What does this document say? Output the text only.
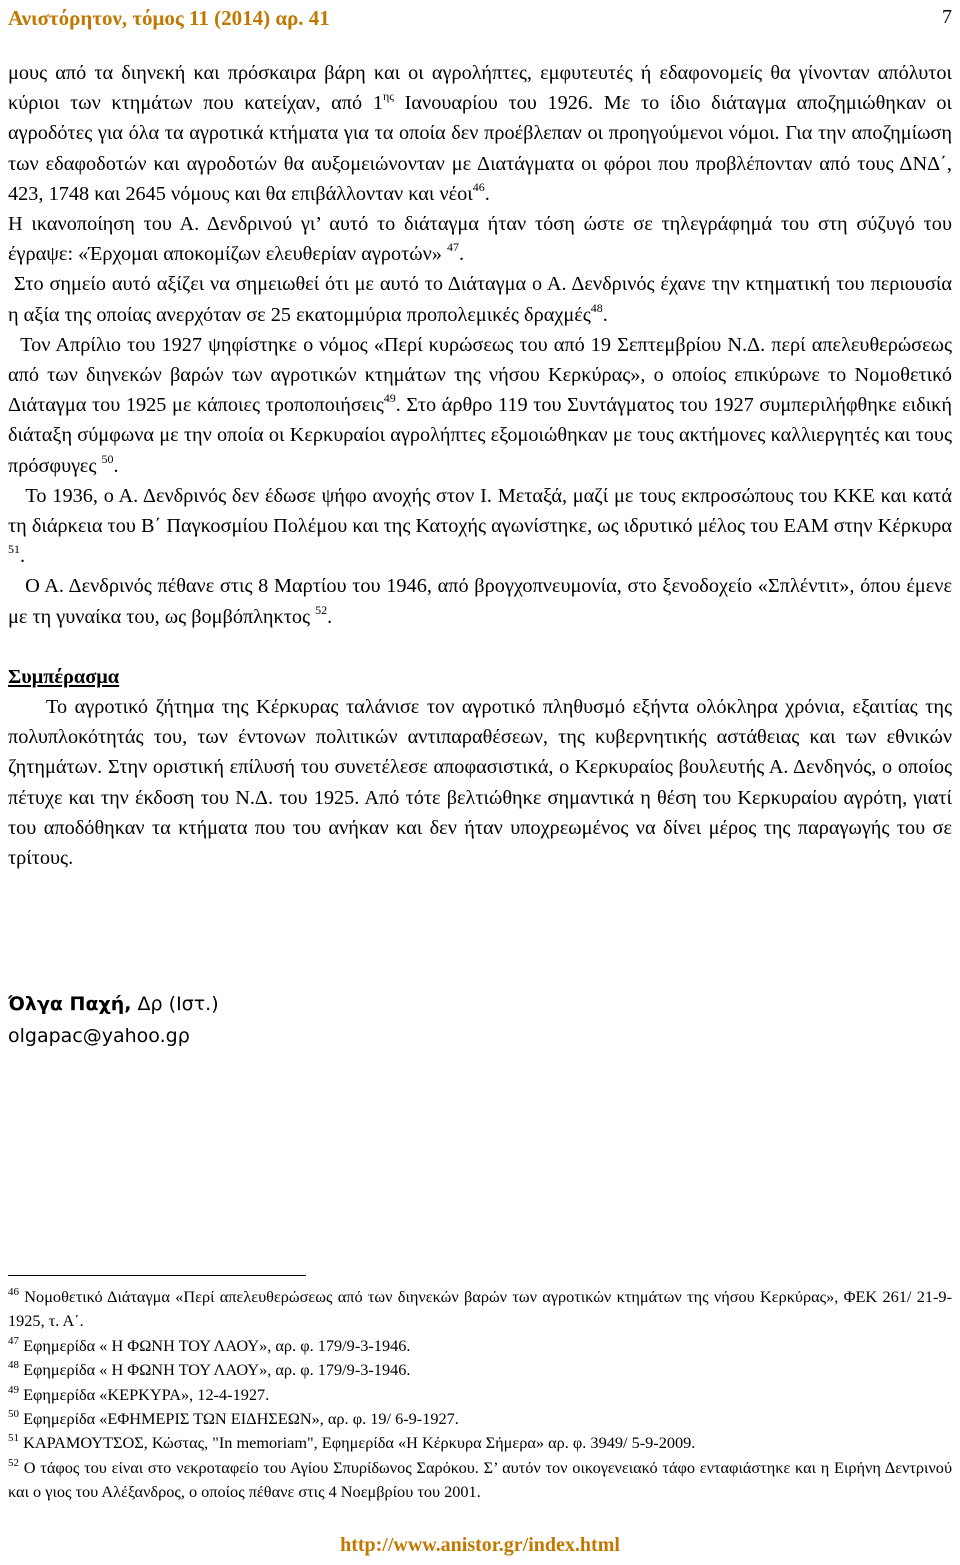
Ανιστόρητον, τόμος 11 (2014) αρ. 41	7

μους από τα διηνεκή και πρόσκαιρα βάρη και οι αγρολήπτες, εμφυτευτές ή εδαφονομείς θα γίνονταν απόλυτοι κύριοι των κτημάτων που κατείχαν, από $1^{\eta\varsigma}$ Ιανουαρίου του 1926. Με το ίδιο διάταγμα αποζημιώθηκαν οι αγροδότες για όλα τα αγροτικά κτήματα για τα οποία δεν προέβλεπαν οι προηγούμενοι νόμοι. Για την αποζημίωση των εδαφοδοτών και αγροδοτών θα αυξομειώνονταν με Διατάγματα οι φόροι που προβλέπονταν από τους ΔΝΔ΄, 423, 1748 και 2645 νόμους και θα επιβάλλονταν και νέοι$^{46}$.

Η ικανοποίηση του Α. Δενδρινού γι’ αυτό το διάταγμα ήταν τόση ώστε σε τηλεγράφημά του στη σύζυγό του έγραψε: «Έρχομαι αποκομίζων ελευθερίαν αγροτών» $^{47}$.

Στο σημείο αυτό αξίζει να σημειωθεί ότι με αυτό το Διάταγμα ο Α. Δενδρινός έχανε την κτηματική του περιουσία η αξία της οποίας ανερχόταν σε 25 εκατομμύρια προπολεμικές δραχμές$^{48}$.

Τον Απρίλιο του 1927 ψηφίστηκε ο νόμος «Περί κυρώσεως του από 19 Σεπτεμβρίου Ν.Δ. περί απελευθερώσεως από των διηνεκών βαρών των αγροτικών κτημάτων της νήσου Κερκύρας», ο οποίος επικύρωνε το Νομοθετικό Διάταγμα του 1925 με κάποιες τροποποιήσεις$^{49}$. Στο άρθρο 119 του Συντάγματος του 1927 συμπεριλήφθηκε ειδική διάταξη σύμφωνα με την οποία οι Κερκυραίοι αγρολήπτες εξομοιώθηκαν με τους ακτήμονες καλλιεργητές και τους πρόσφυγες $^{50}$.

Το 1936, ο Α. Δενδρινός δεν έδωσε ψήφο ανοχής στον Ι. Μεταξά, μαζί με τους εκπροσώπους του ΚΚΕ και κατά τη διάρκεια του Β΄ Παγκοσμίου Πολέμου και της Κατοχής αγωνίστηκε, ως ιδρυτικό μέλος του ΕΑΜ στην Κέρκυρα $^{51}$.

Ο Α. Δενδρινός πέθανε στις 8 Μαρτίου του 1946, από βρογχοπνευμονία, στο ξενοδοχείο «Σπλέντιτ», όπου έμενε με τη γυναίκα του, ως βομβόπληκτος $^{52}$.

Συμπέρασμα

Το αγροτικό ζήτημα της Κέρκυρας ταλάνισε τον αγροτικό πληθυσμό εξήντα ολόκληρα χρόνια, εξαιτίας της πολυπλοκότητάς του, των έντονων πολιτικών αντιπαραθέσεων, της κυβερνητικής αστάθειας και των εθνικών ζητημάτων. Στην οριστική επίλυσή του συνετέλεσε αποφασιστικά, ο Κερκυραίος βουλευτής Α. Δενδηνός, ο οποίος πέτυχε και την έκδοση του Ν.Δ. του 1925. Από τότε βελτιώθηκε σημαντικά η θέση του Κερκυραίου αγρότη, γιατί του αποδόθηκαν τα κτήματα που του ανήκαν και δεν ήταν υποχρεωμένος να δίνει μέρος της παραγωγής του σε τρίτους.

Όλγα Παχή, Δρ (Ιστ.)
olgapac@yahoo.gρ

$^{46}$ Νομοθετικό Διάταγμα «Περί απελευθερώσεως από των διηνεκών βαρών των αγροτικών κτημάτων της νήσου Κερκύρας», ΦΕΚ 261/ 21-9-1925, τ. Α΄.

$^{47}$ Εφημερίδα « Η ΦΩΝΗ ΤΟΥ ΛΑΟΥ», αρ. φ. 179/9-3-1946.

$^{48}$ Εφημερίδα « Η ΦΩΝΗ ΤΟΥ ΛΑΟΥ», αρ. φ. 179/9-3-1946.

$^{49}$ Εφημερίδα «ΚΕΡΚΥΡΑ», 12-4-1927.

$^{50}$ Εφημερίδα «ΕΦΗΜΕΡΙΣ ΤΩΝ ΕΙΔΗΣΕΩΝ», αρ. φ. 19/ 6-9-1927.

$^{51}$ ΚΑΡΑΜΟΥΤΣΟΣ, Κώστας, "In memoriam", Εφημερίδα «Η Κέρκυρα Σήμερα» αρ. φ. 3949/ 5-9-2009.

$^{52}$ Ο τάφος του είναι στο νεκροταφείο του Αγίου Σπυρίδωνος Σαρόκου. Σ’ αυτόν τον οικογενειακό τάφο ενταφιάστηκε και η Ειρήνη Δεντρινού και ο γιος του Αλέξανδρος, ο οποίος πέθανε στις 4 Νοεμβρίου του 2001.

http://www.anistor.gr/index.html
